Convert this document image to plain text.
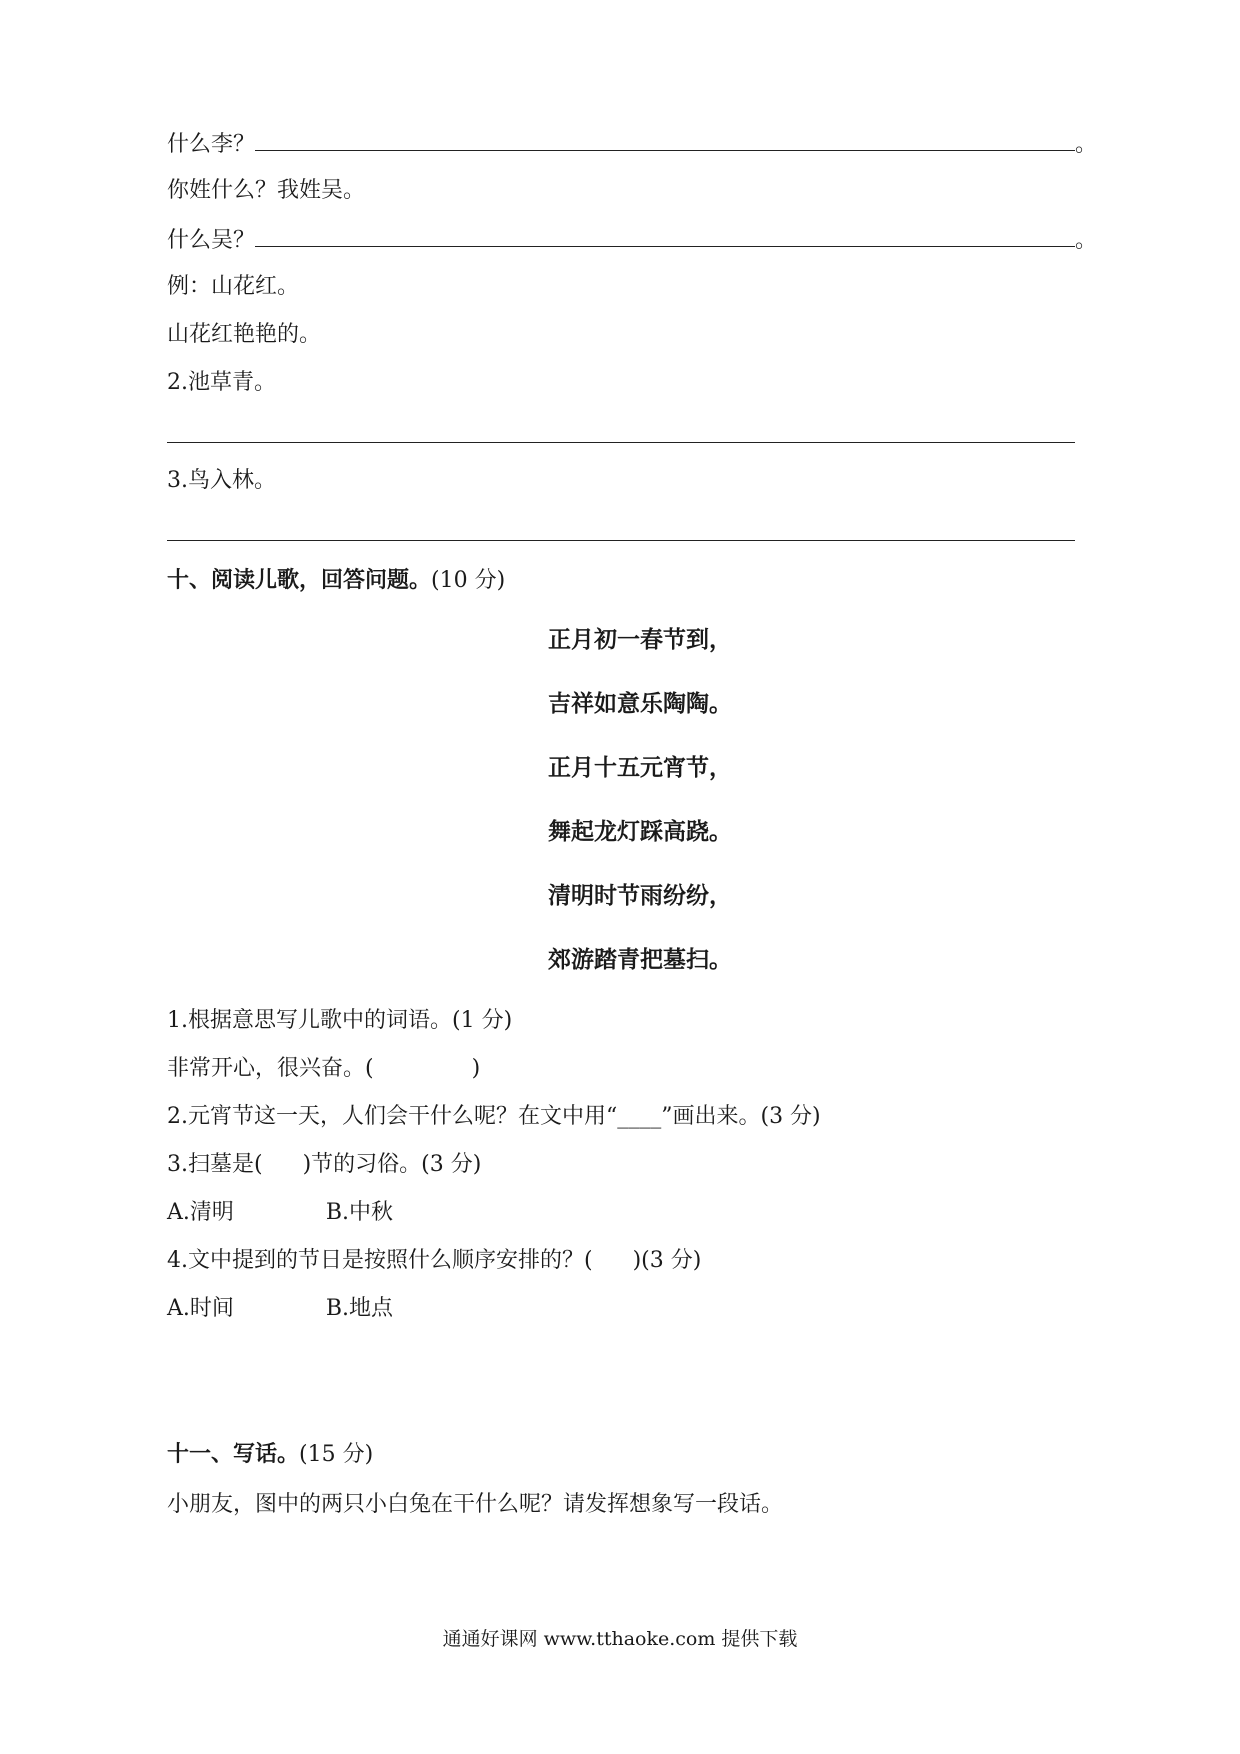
什么李？	。
你姓什么？我姓吴。
什么吴？	。
例：山花红。
山花红艳艳的。
2.池草青。
3.鸟入林。
十、阅读儿歌，回答问题。(10 分)
正月初一春节到，
吉祥如意乐陶陶。
正月十五元宵节，
舞起龙灯踩高跷。
清明时节雨纷纷，
郊游踏青把墓扫。
1.根据意思写儿歌中的词语。(1 分)
非常开心，很兴奋。(	)
2.元宵节这一天，人们会干什么呢？在文中用“____”画出来。(3 分)
3.扫墓是( )节的习俗。(3 分)
A.清明	B.中秋
4.文中提到的节日是按照什么顺序安排的？( )(3 分)
A.时间	B.地点
十一、写话。(15 分)
小朋友，图中的两只小白兔在干什么呢？请发挥想象写一段话。
通通好课网 www.tthaoke.com 提供下载
